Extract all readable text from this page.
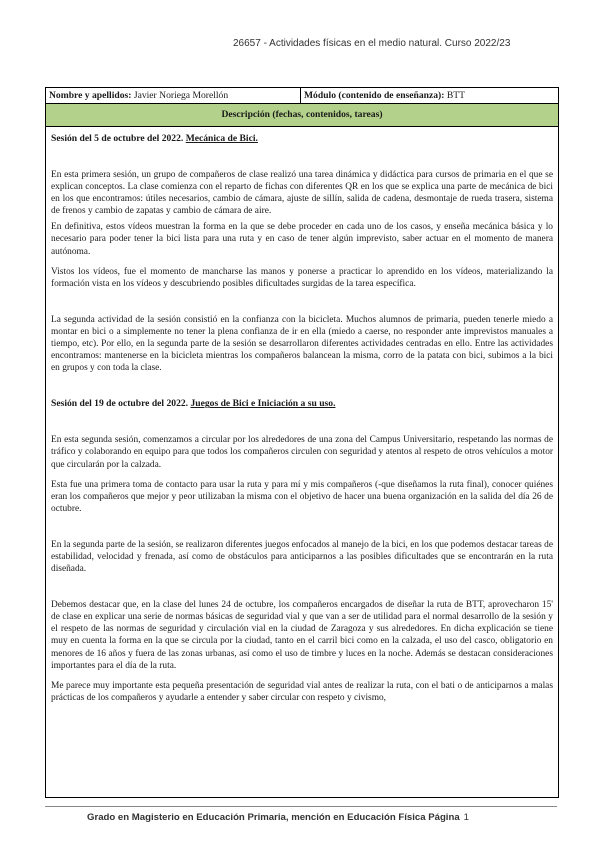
26657 - Actividades físicas en el medio natural. Curso 2022/23
Nombre y apellidos: Javier Noriega Morellón	Módulo (contenido de enseñanza): BTT
Descripción (fechas, contenidos, tareas)
Sesión del 5 de octubre del 2022. Mecánica de Bici.

En esta primera sesión, un grupo de compañeros de clase realizó una tarea dinámica y didáctica para cursos de primaria en el que se explican conceptos. La clase comienza con el reparto de fichas con diferentes QR en los que se explica una parte de mecánica de bici en los que encontramos: útiles necesarios, cambio de cámara, ajuste de sillín, salida de cadena, desmontaje de rueda trasera, sistema de frenos y cambio de zapatas y cambio de cámara de aire.

En definitiva, estos vídeos muestran la forma en la que se debe proceder en cada uno de los casos, y enseña mecánica básica y lo necesario para poder tener la bici lista para una ruta y en caso de tener algún imprevisto, saber actuar en el momento de manera autónoma.

Vistos los vídeos, fue el momento de mancharse las manos y ponerse a practicar lo aprendido en los vídeos, materializando la formación vista en los vídeos y descubriendo posibles dificultades surgidas de la tarea específica.

La segunda actividad de la sesión consistió en la confianza con la bicicleta. Muchos alumnos de primaria, pueden tenerle miedo a montar en bici o a simplemente no tener la plena confianza de ir en ella (miedo a caerse, no responder ante imprevistos manuales a tiempo, etc). Por ello, en la segunda parte de la sesión se desarrollaron diferentes actividades centradas en ello. Entre las actividades encontramos: mantenerse en la bicicleta mientras los compañeros balancean la misma, corro de la patata con bici, subimos a la bici en grupos y con toda la clase.

Sesión del 19 de octubre del 2022. Juegos de Bici e Iniciación a su uso.

En esta segunda sesión, comenzamos a circular por los alrededores de una zona del Campus Universitario, respetando las normas de tráfico y colaborando en equipo para que todos los compañeros circulen con seguridad y atentos al respeto de otros vehículos a motor que circularán por la calzada.

Esta fue una primera toma de contacto para usar la ruta y para mí y mis compañeros (-que diseñamos la ruta final), conocer quiénes eran los compañeros que mejor y peor utilizaban la misma con el objetivo de hacer una buena organización en la salida del día 26 de octubre.

En la segunda parte de la sesión, se realizaron diferentes juegos enfocados al manejo de la bici, en los que podemos destacar tareas de estabilidad, velocidad y frenada, así como de obstáculos para anticiparnos a las posibles dificultades que se encontrarán en la ruta diseñada.

Debemos destacar que, en la clase del lunes 24 de octubre, los compañeros encargados de diseñar la ruta de BTT, aprovecharon 15' de clase en explicar una serie de normas básicas de seguridad vial y que van a ser de utilidad para el normal desarrollo de la sesión y el respeto de las normas de seguridad y circulación vial en la ciudad de Zaragoza y sus alrededores. En dicha explicación se tiene muy en cuenta la forma en la que se circula por la ciudad, tanto en el carril bici como en la calzada, el uso del casco, obligatorio en menores de 16 años y fuera de las zonas urbanas, así como el uso de timbre y luces en la noche. Además se destacan consideraciones importantes para el día de la ruta.

Me parece muy importante esta pequeña presentación de seguridad vial antes de realizar la ruta, con el bati o de anticiparnos a malas prácticas de los compañeros y ayudarle a entender y saber circular con respeto y civismo,

Grado en Magisterio en Educación Primaria, mención en Educación Física Página 1
